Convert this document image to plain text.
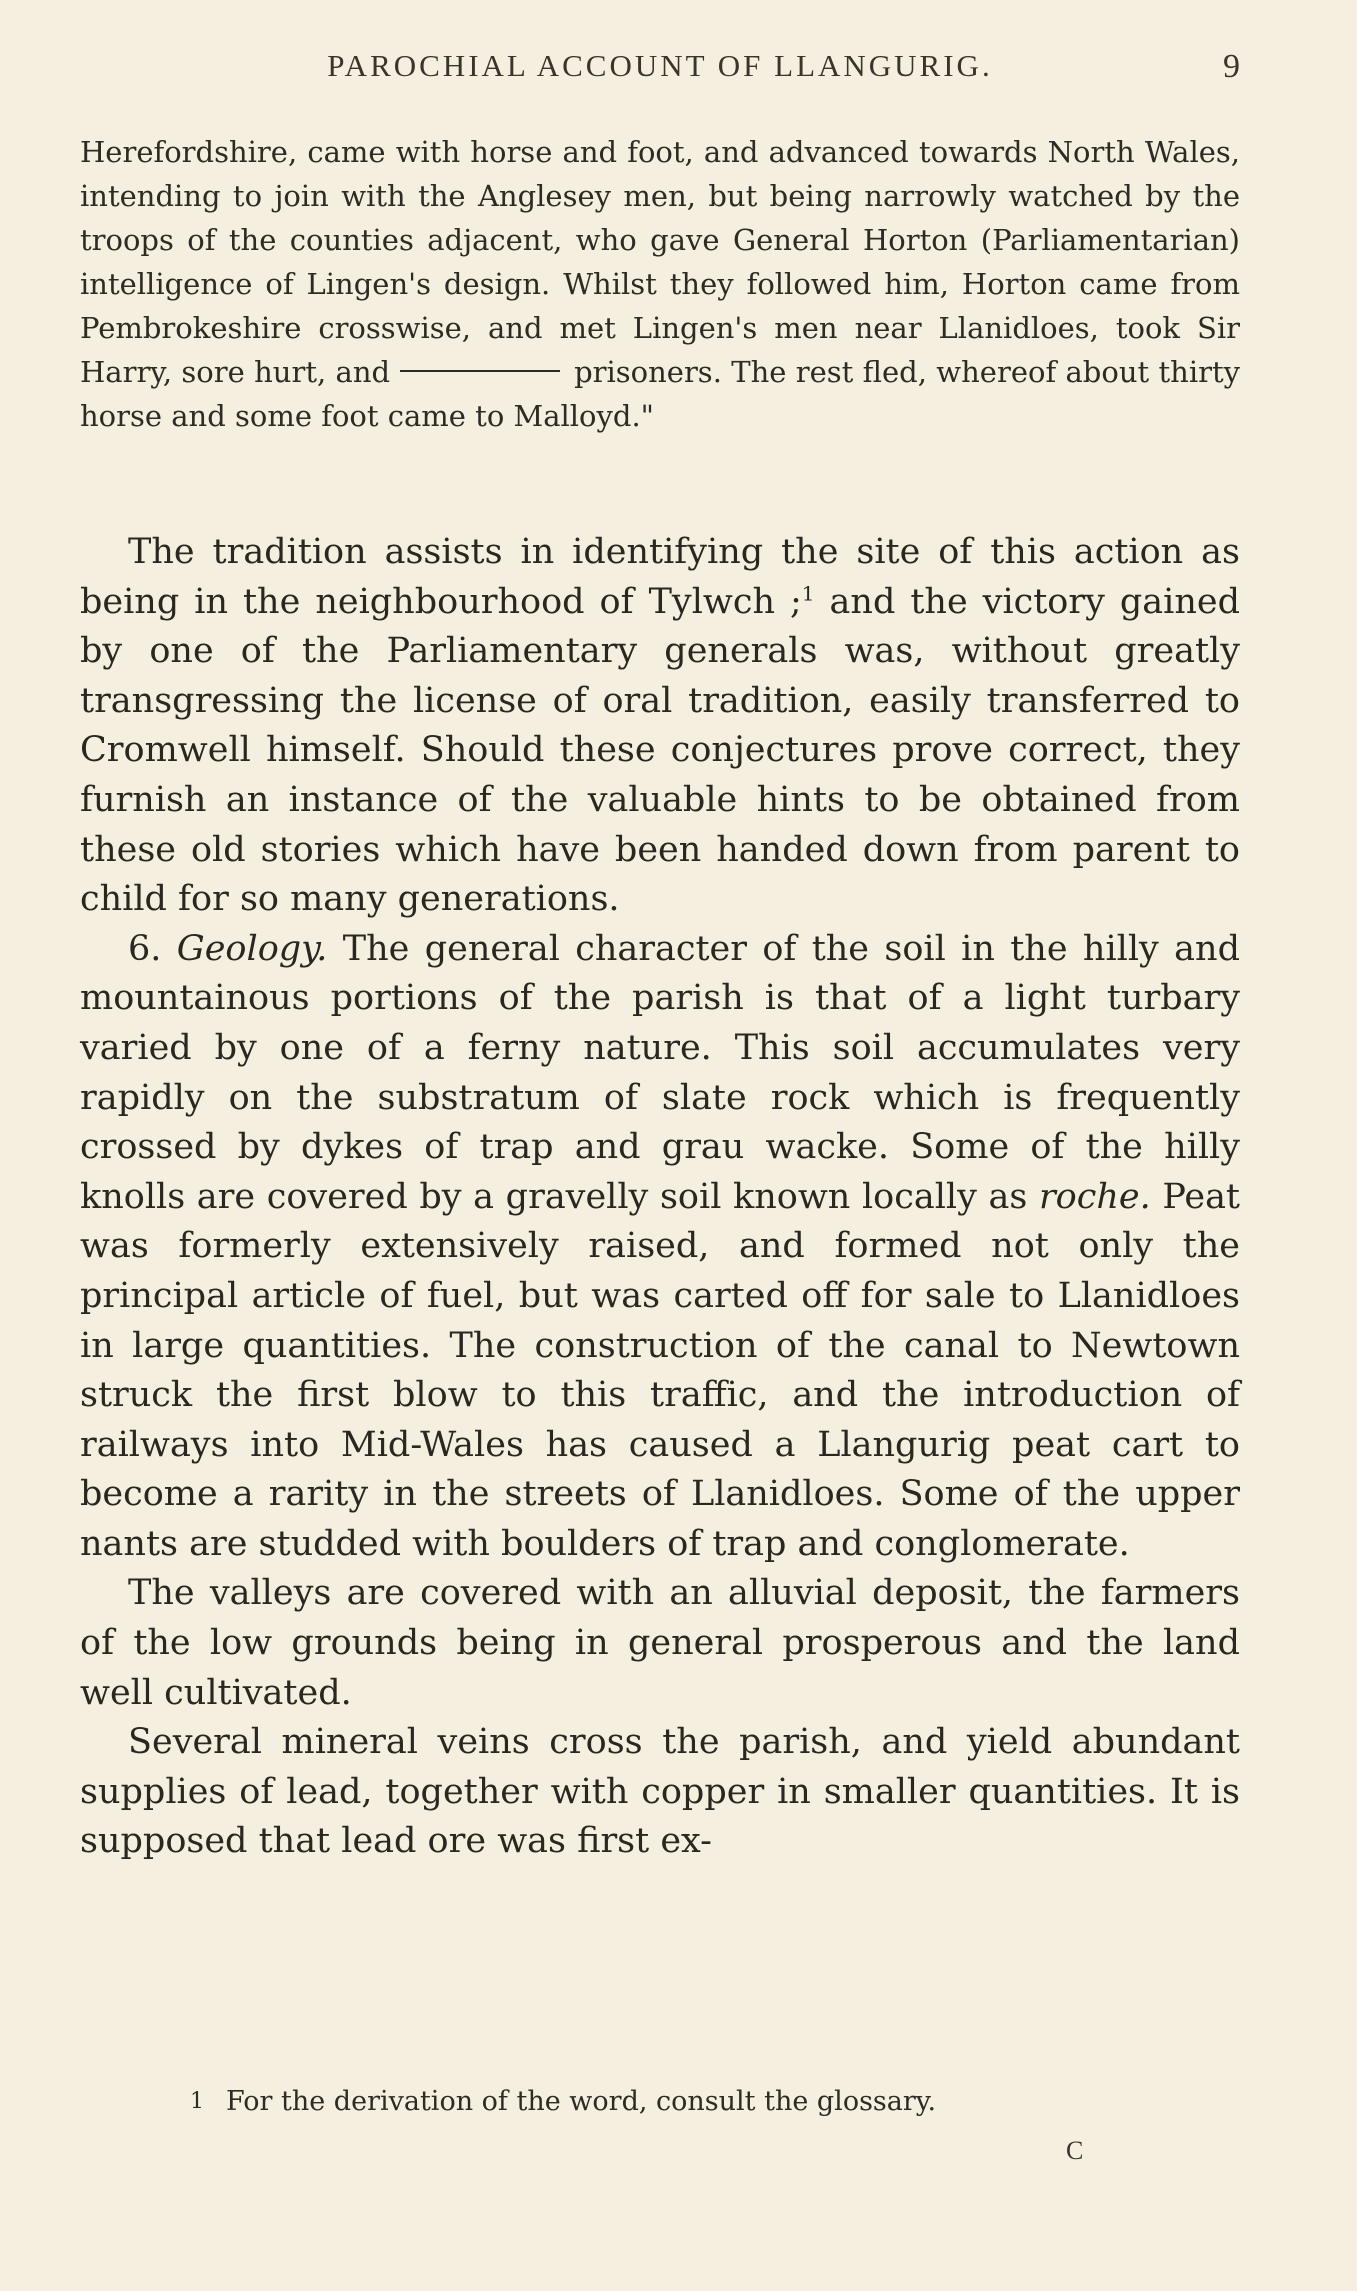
PAROCHIAL ACCOUNT OF LLANGURIG.	9

Herefordshire, came with horse and foot, and advanced towards North Wales, intending to join with the Anglesey men, but being narrowly watched by the troops of the counties adjacent, who gave General Horton (Parliamentarian) intelligence of Lingen's design. Whilst they followed him, Horton came from Pembrokeshire crosswise, and met Lingen's men near Llanidloes, took Sir Harry, sore hurt, and	prisoners. The rest fled, whereof about thirty horse and some foot came to Malloyd."

The tradition assists in identifying the site of this action as being in the neighbourhood of Tylwch ;$^1$ and the victory gained by one of the Parliamentary generals was, without greatly transgressing the license of oral tradition, easily transferred to Cromwell himself. Should these conjectures prove correct, they furnish an instance of the valuable hints to be obtained from these old stories which have been handed down from parent to child for so many generations.

6. Geology. The general character of the soil in the hilly and mountainous portions of the parish is that of a light turbary varied by one of a ferny nature. This soil accumulates very rapidly on the substratum of slate rock which is frequently crossed by dykes of trap and grau wacke. Some of the hilly knolls are covered by a gravelly soil known locally as roche. Peat was formerly extensively raised, and formed not only the principal article of fuel, but was carted off for sale to Llanidloes in large quantities. The construction of the canal to Newtown struck the first blow to this traffic, and the introduction of railways into Mid-Wales has caused a Llangurig peat cart to become a rarity in the streets of Llanidloes. Some of the upper nants are studded with boulders of trap and conglomerate.

The valleys are covered with an alluvial deposit, the farmers of the low grounds being in general prosperous and the land well cultivated.

Several mineral veins cross the parish, and yield abundant supplies of lead, together with copper in smaller quantities. It is supposed that lead ore was first ex-

1 For the derivation of the word, consult the glossary.
C
